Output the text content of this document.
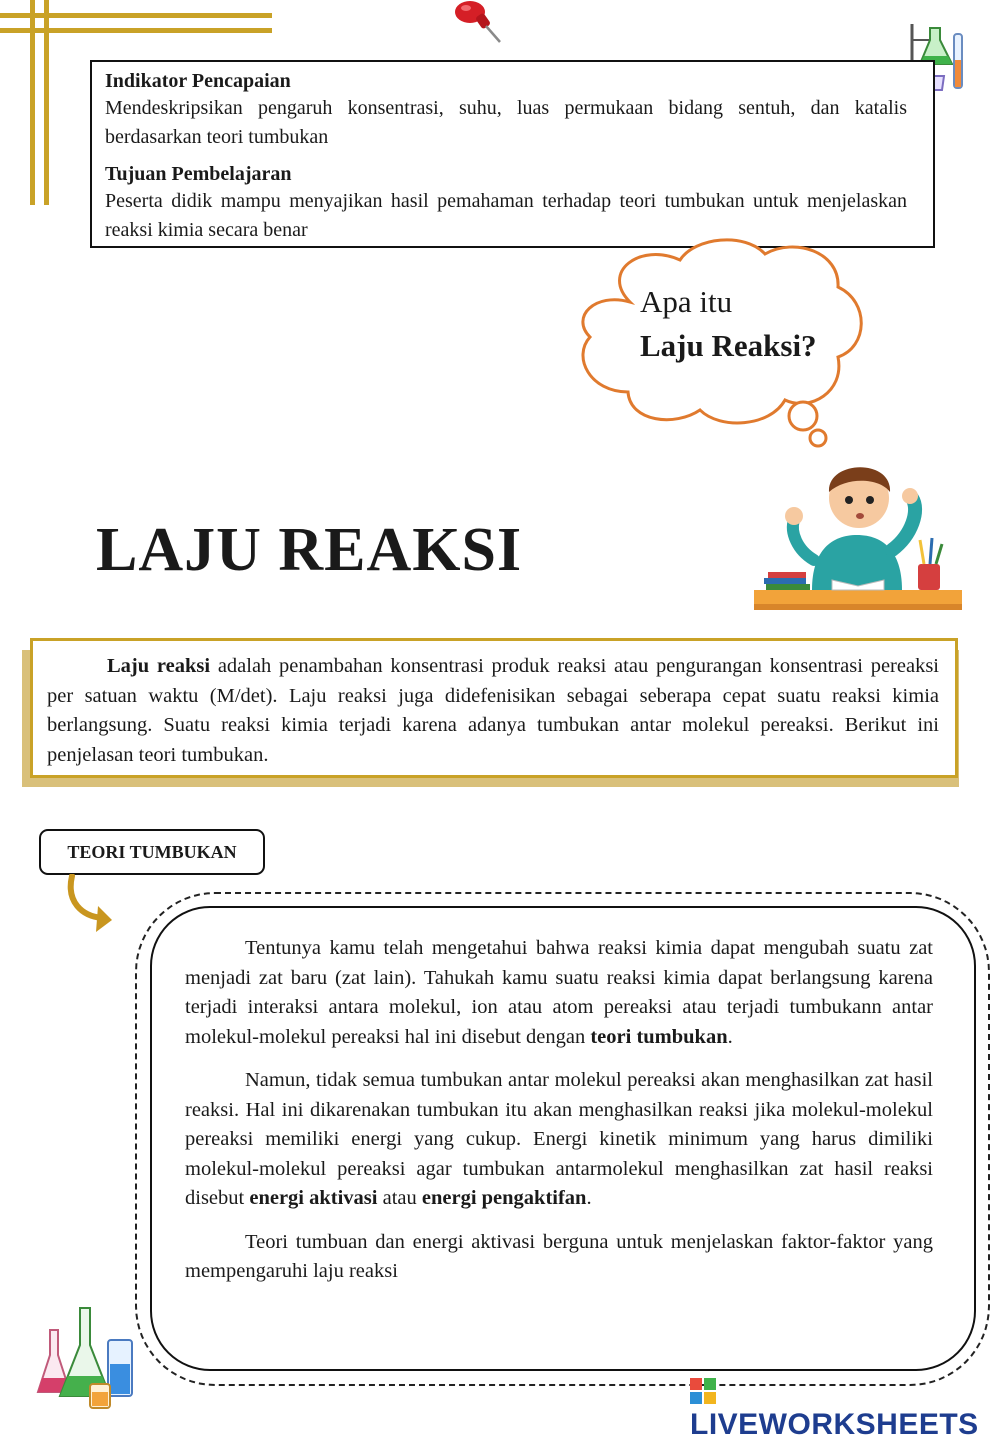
Indikator Pencapaian

Mendeskripsikan pengaruh konsentrasi, suhu, luas permukaan bidang sentuh, dan katalis berdasarkan teori tumbukan

Tujuan Pembelajaran

Peserta didik mampu menyajikan hasil pemahaman terhadap teori tumbukan untuk menjelaskan reaksi kimia secara benar

Apa itu
Laju Reaksi?
LAJU REAKSI
Laju reaksi adalah penambahan konsentrasi produk reaksi atau pengurangan konsentrasi pereaksi per satuan waktu (M/det). Laju reaksi juga didefenisikan sebagai seberapa cepat suatu reaksi kimia berlangsung. Suatu reaksi kimia terjadi karena adanya tumbukan antar molekul pereaksi. Berikut ini penjelasan teori tumbukan.
TEORI TUMBUKAN

Tentunya kamu telah mengetahui bahwa reaksi kimia dapat mengubah suatu zat menjadi zat baru (zat lain). Tahukah kamu suatu reaksi kimia dapat berlangsung karena terjadi interaksi antara molekul, ion atau atom pereaksi atau terjadi tumbukann antar molekul-molekul pereaksi hal ini disebut dengan teori tumbukan.

Namun, tidak semua tumbukan antar molekul pereaksi akan menghasilkan zat hasil reaksi. Hal ini dikarenakan tumbukan itu akan menghasilkan reaksi jika molekul-molekul pereaksi memiliki energi yang cukup. Energi kinetik minimum yang harus dimiliki molekul-molekul pereaksi agar tumbukan antarmolekul menghasilkan zat hasil reaksi disebut energi aktivasi atau energi pengaktifan.

Teori tumbuan dan energi aktivasi berguna untuk menjelaskan faktor-faktor yang mempengaruhi laju reaksi

LIVEWORKSHEETS
